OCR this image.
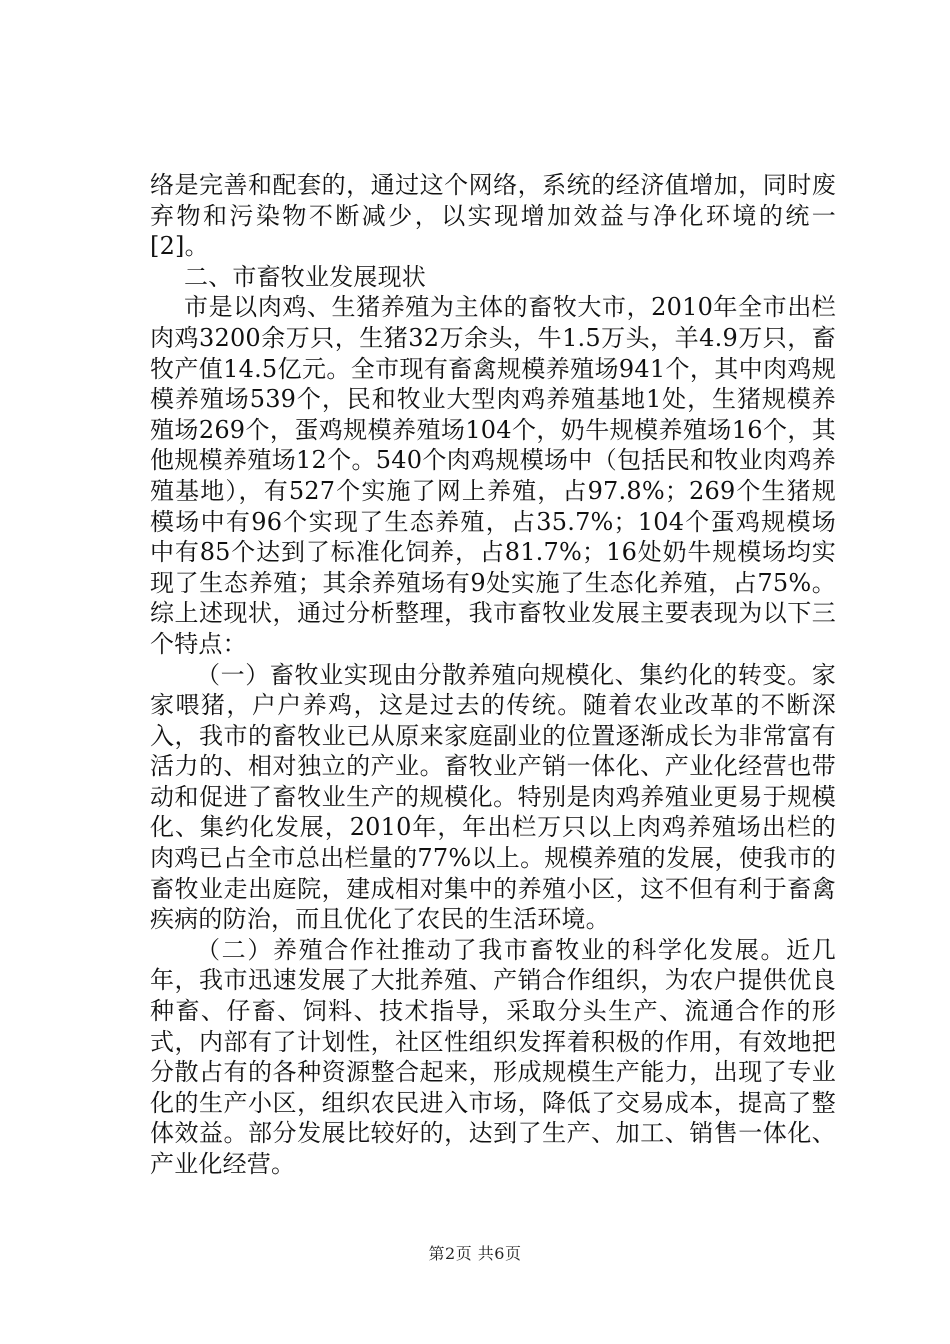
络是完善和配套的，通过这个网络，系统的经济值增加，同时废弃物和污染物不断减少，以实现增加效益与净化环境的统一[2]。

二、市畜牧业发展现状

市是以肉鸡、生猪养殖为主体的畜牧大市，2010年全市出栏肉鸡3200余万只，生猪32万余头，牛1.5万头，羊4.9万只，畜牧产值14.5亿元。全市现有畜禽规模养殖场941个，其中肉鸡规模养殖场539个，民和牧业大型肉鸡养殖基地1处，生猪规模养殖场269个，蛋鸡规模养殖场104个，奶牛规模养殖场16个，其他规模养殖场12个。540个肉鸡规模场中（包括民和牧业肉鸡养殖基地），有527个实施了网上养殖，占97.8%；269个生猪规模场中有96个实现了生态养殖，占35.7%；104个蛋鸡规模场中有85个达到了标准化饲养，占81.7%；16处奶牛规模场均实现了生态养殖；其余养殖场有9处实施了生态化养殖，占75%。综上述现状，通过分析整理，我市畜牧业发展主要表现为以下三个特点：

（一）畜牧业实现由分散养殖向规模化、集约化的转变。家家喂猪，户户养鸡，这是过去的传统。随着农业改革的不断深入，我市的畜牧业已从原来家庭副业的位置逐渐成长为非常富有活力的、相对独立的产业。畜牧业产销一体化、产业化经营也带动和促进了畜牧业生产的规模化。特别是肉鸡养殖业更易于规模化、集约化发展，2010年，年出栏万只以上肉鸡养殖场出栏的肉鸡已占全市总出栏量的77%以上。规模养殖的发展，使我市的畜牧业走出庭院，建成相对集中的养殖小区，这不但有利于畜禽疾病的防治，而且优化了农民的生活环境。

（二）养殖合作社推动了我市畜牧业的科学化发展。近几年，我市迅速发展了大批养殖、产销合作组织，为农户提供优良种畜、仔畜、饲料、技术指导，采取分头生产、流通合作的形式，内部有了计划性，社区性组织发挥着积极的作用，有效地把分散占有的各种资源整合起来，形成规模生产能力，出现了专业化的生产小区，组织农民进入市场，降低了交易成本，提高了整体效益。部分发展比较好的，达到了生产、加工、销售一体化、产业化经营。

第2页 共6页
